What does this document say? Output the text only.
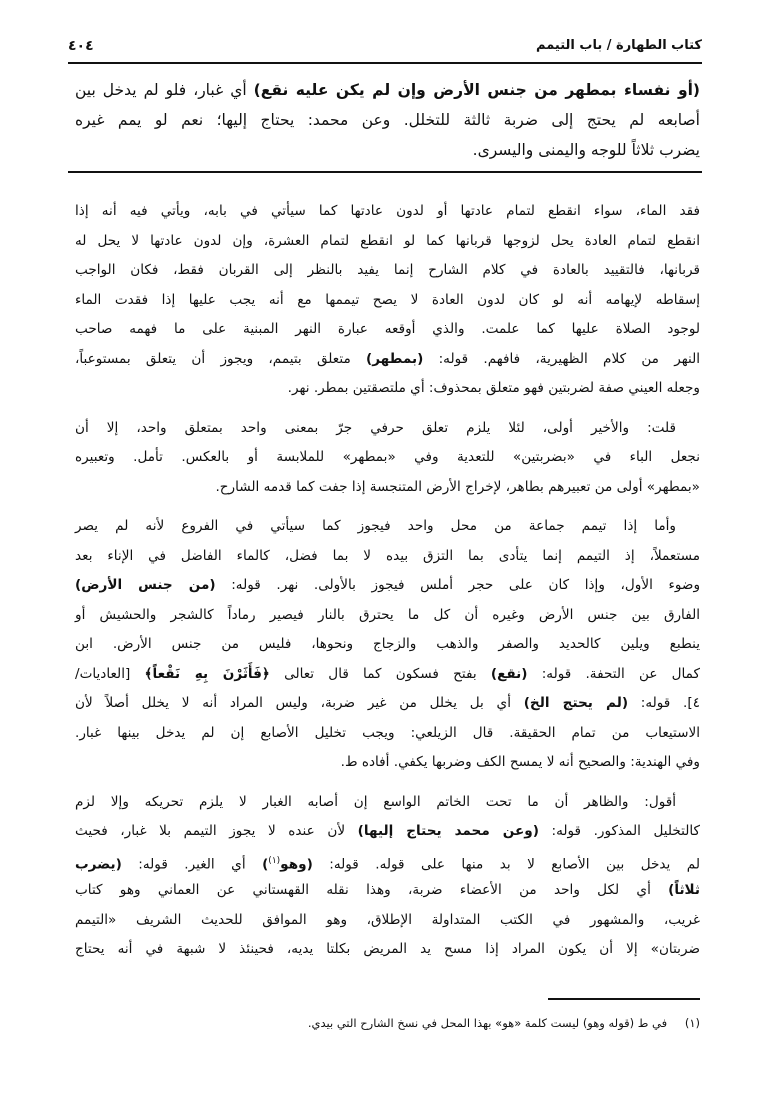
كتاب الطهارة / باب التيمم
٤٠٤
(أو نفساء بمطهر من جنس الأرض وإن لم يكن عليه نقع) أي غبار، فلو لم يدخل بين
أصابعه لم يحتج إلى ضربة ثالثة للتخلل. وعن محمد: يحتاج إليها؛ نعم لو يمم غيره
يضرب ثلاثاً للوجه واليمنى واليسرى.
فقد الماء، سواء انقطع لتمام عادتها أو لدون عادتها كما سيأتي في بابه، ويأتي فيه أنه إذا
انقطع لتمام العادة يحل لزوجها قربانها كما لو انقطع لتمام العشرة، وإن لدون عادتها لا يحل له
قربانها، فالتقييد بالعادة في كلام الشارح إنما يفيد بالنظر إلى القربان فقط، فكان الواجب
إسقاطه لإيهامه أنه لو كان لدون العادة لا يصح تيممها مع أنه يجب عليها إذا فقدت الماء
لوجود الصلاة عليها كما علمت. والذي أوقعه عبارة النهر المبنية على ما فهمه صاحب
النهر من كلام الظهيرية، فافهم. قوله: (بمطهر) متعلق بتيمم، ويجوز أن يتعلق بمستوعباً،
وجعله العيني صفة لضربتين فهو متعلق بمحذوف: أي ملتصقتين بمطر. نهر.
قلت: والأخير أولى، لئلا يلزم تعلق حرفي جرّ بمعنى واحد بمتعلق واحد، إلا أن
نجعل الباء في «بضربتين» للتعدية وفي «بمطهر» للملابسة أو بالعكس. تأمل. وتعبيره
«بمطهر» أولى من تعبيرهم بطاهر، لإخراج الأرض المتنجسة إذا جفت كما قدمه الشارح.
وأما إذا تيمم جماعة من محل واحد فيجوز كما سيأتي في الفروع لأنه لم يصر
مستعملاً، إذ التيمم إنما يتأدى بما التزق بيده لا بما فضل، كالماء الفاضل في الإناء بعد
وضوء الأول، وإذا كان على حجر أملس فيجوز بالأولى. نهر. قوله: (من جنس الأرض)
الفارق بين جنس الأرض وغيره أن كل ما يحترق بالنار فيصير رماداً كالشجر والحشيش أو
ينطبع ويلين كالحديد والصفر والذهب والزجاج ونحوها، فليس من جنس الأرض. ابن
كمال عن التحفة. قوله: (نقع) بفتح فسكون كما قال تعالى ﴿فَأَثَرْنَ بِهِ نَقْعاً﴾ [العاديات/
٤]. قوله: (لم يحتج الخ) أي بل يخلل من غير ضربة، وليس المراد أنه لا يخلل أصلاً لأن
الاستيعاب من تمام الحقيقة. قال الزيلعي: ويجب تخليل الأصابع إن لم يدخل بينها غبار.
وفي الهندية: والصحيح أنه لا يمسح الكف وضربها يكفي. أفاده ط.
أقول: والظاهر أن ما تحت الخاتم الواسع إن أصابه الغبار لا يلزم تحريكه وإلا لزم
كالتخليل المذكور. قوله: (وعن محمد يحتاج إليها) لأن عنده لا يجوز التيمم بلا غبار، فحيث
لم يدخل بين الأصابع لا بد منها على قوله. قوله: (وهو$^{(١)}$) أي الغير. قوله: (يضرب
ثلاثاً) أي لكل واحد من الأعضاء ضربة، وهذا نقله القهستاني عن العماني وهو كتاب
غريب، والمشهور في الكتب المتداولة الإطلاق، وهو الموافق للحديث الشريف «التيمم
ضربتان» إلا أن يكون المراد إذا مسح يد المريض بكلتا يديه، فحينئذ لا شبهة في أنه يحتاج
(١) في ط (قوله وهو) ليست كلمة «هو» بهذا المحل في نسخ الشارح التي بيدي.
